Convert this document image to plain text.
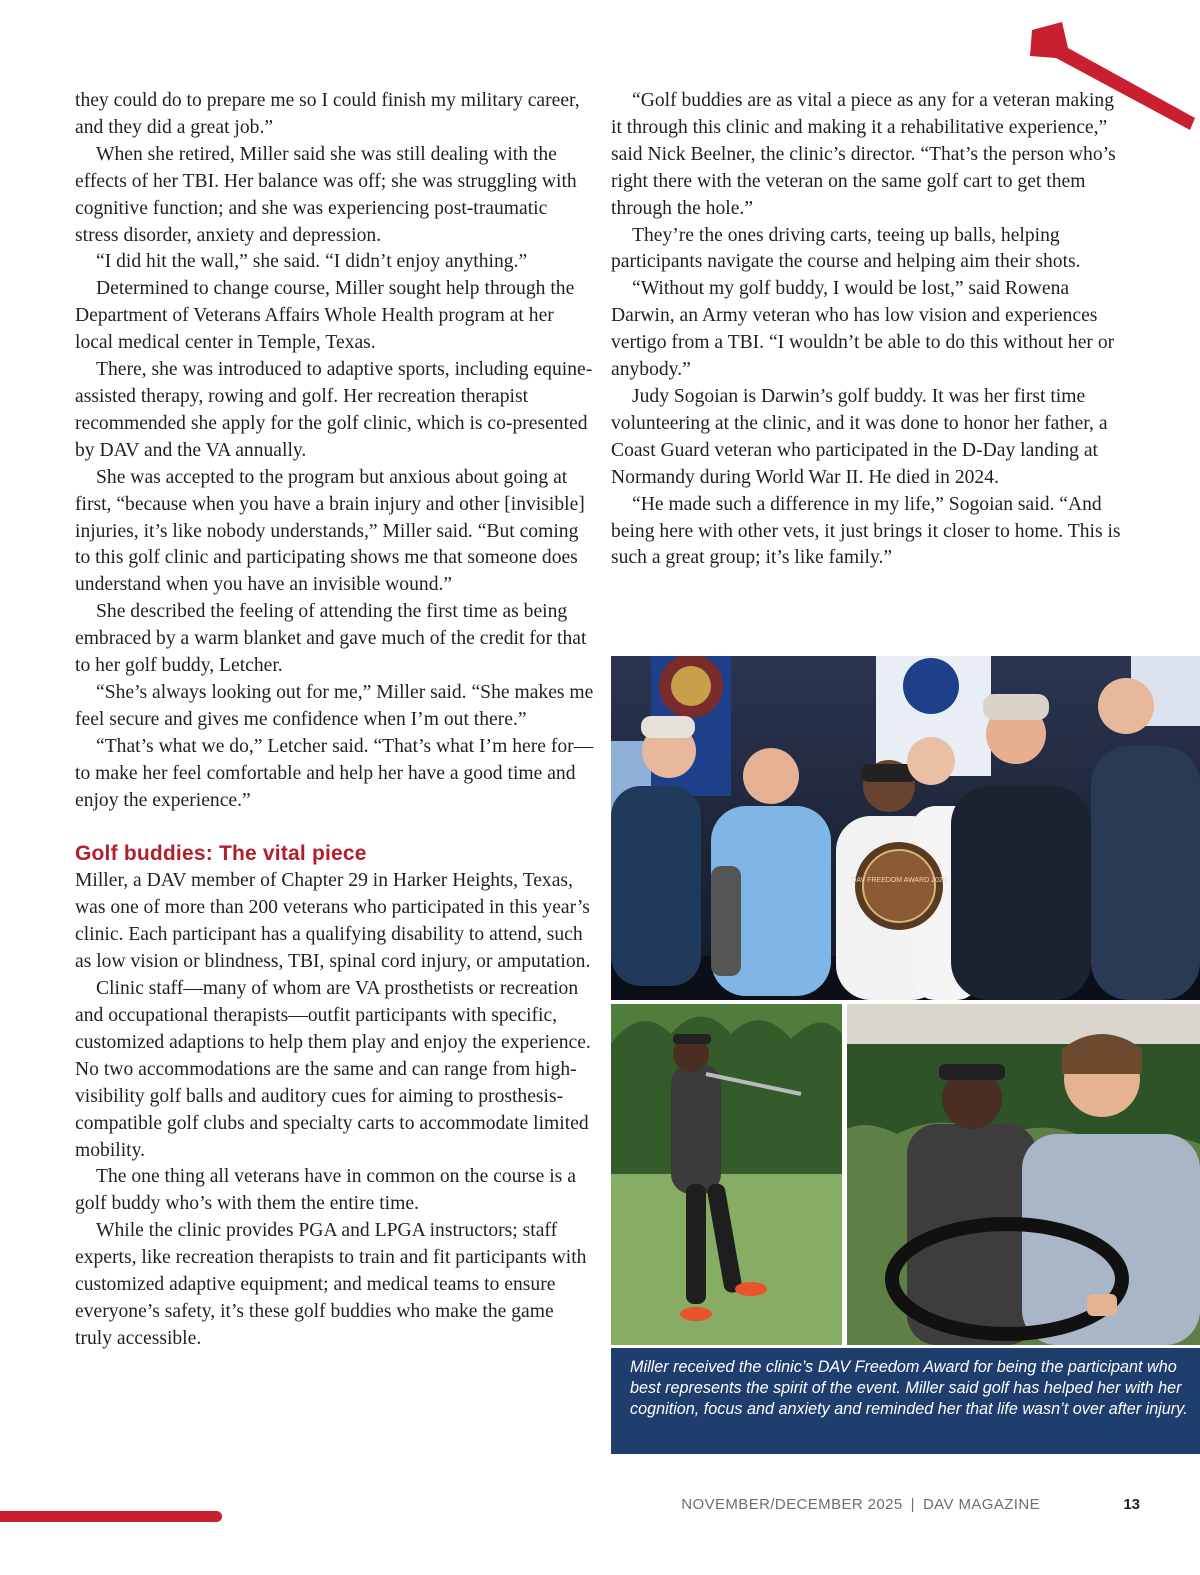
they could do to prepare me so I could finish my military career, and they did a great job.”

When she retired, Miller said she was still dealing with the effects of her TBI. Her balance was off; she was struggling with cognitive function; and she was experiencing post-traumatic stress disorder, anxiety and depression.

“I did hit the wall,” she said. “I didn’t enjoy anything.”

Determined to change course, Miller sought help through the Department of Veterans Affairs Whole Health program at her local medical center in Temple, Texas.

There, she was introduced to adaptive sports, including equine-assisted therapy, rowing and golf. Her recreation therapist recommended she apply for the golf clinic, which is co-presented by DAV and the VA annually.

She was accepted to the program but anxious about going at first, “because when you have a brain injury and other [invisible] injuries, it’s like nobody understands,” Miller said. “But coming to this golf clinic and participating shows me that someone does understand when you have an invisible wound.”

She described the feeling of attending the first time as being embraced by a warm blanket and gave much of the credit for that to her golf buddy, Letcher.

“She’s always looking out for me,” Miller said. “She makes me feel secure and gives me confidence when I’m out there.”

“That’s what we do,” Letcher said. “That’s what I’m here for—to make her feel comfortable and help her have a good time and enjoy the experience.”

Golf buddies: The vital piece

Miller, a DAV member of Chapter 29 in Harker Heights, Texas, was one of more than 200 veterans who participated in this year’s clinic. Each participant has a qualifying disability to attend, such as low vision or blindness, TBI, spinal cord injury, or amputation.

Clinic staff—many of whom are VA prosthetists or recreation and occupational therapists—outfit participants with specific, customized adaptions to help them play and enjoy the experience. No two accommodations are the same and can range from high-visibility golf balls and auditory cues for aiming to prosthesis-compatible golf clubs and specialty carts to accommodate limited mobility.

The one thing all veterans have in common on the course is a golf buddy who’s with them the entire time.

While the clinic provides PGA and LPGA instructors; staff experts, like recreation therapists to train and fit participants with customized adaptive equipment; and medical teams to ensure everyone’s safety, it’s these golf buddies who make the game truly accessible.

“Golf buddies are as vital a piece as any for a veteran making it through this clinic and making it a rehabilitative experience,” said Nick Beelner, the clinic’s director. “That’s the person who’s right there with the veteran on the same golf cart to get them through the hole.”

They’re the ones driving carts, teeing up balls, helping participants navigate the course and helping aim their shots.

“Without my golf buddy, I would be lost,” said Rowena Darwin, an Army veteran who has low vision and experiences vertigo from a TBI. “I wouldn’t be able to do this without her or anybody.”

Judy Sogoian is Darwin’s golf buddy. It was her first time volunteering at the clinic, and it was done to honor her father, a Coast Guard veteran who participated in the D-Day landing at Normandy during World War II. He died in 2024.

“He made such a difference in my life,” Sogoian said. “And being here with other vets, it just brings it closer to home. This is such a great group; it’s like family.”

DAV FREEDOM AWARD 2025
Miller received the clinic’s DAV Freedom Award for being the participant who best represents the spirit of the event. Miller said golf has helped her with her cognition, focus and anxiety and reminded her that life wasn’t over after injury.
NOVEMBER/DECEMBER 2025 | DAV MAGAZINE	13
